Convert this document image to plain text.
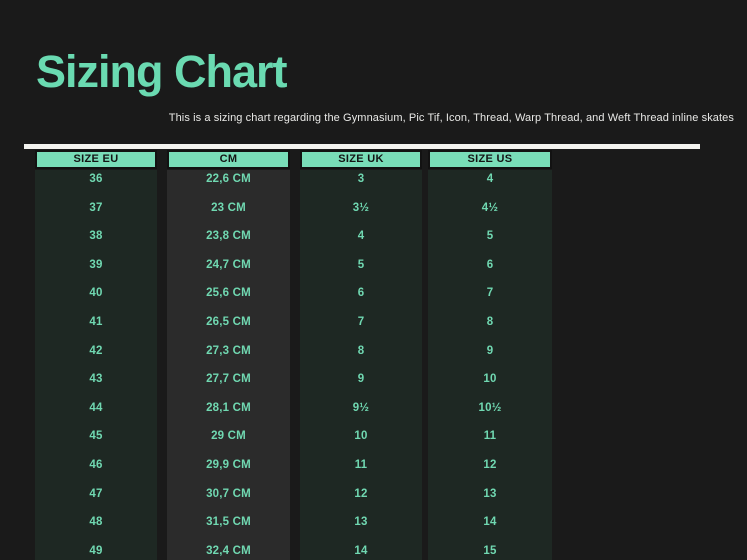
Sizing Chart

This is a sizing chart regarding the Gymnasium, Pic Tif, Icon, Thread, Warp Thread, and Weft Thread inline skates

SIZE EU
36
37
38
39
40
41
42
43
44
45
46
47
48
49
CM
22,6 CM
23 CM
23,8 CM
24,7 CM
25,6 CM
26,5 CM
27,3 CM
27,7 CM
28,1 CM
29 CM
29,9 CM
30,7 CM
31,5 CM
32,4 CM
SIZE UK
3
3½
4
5
6
7
8
9
9½
10
11
12
13
14
SIZE US
4
4½
5
6
7
8
9
10
10½
11
12
13
14
15
